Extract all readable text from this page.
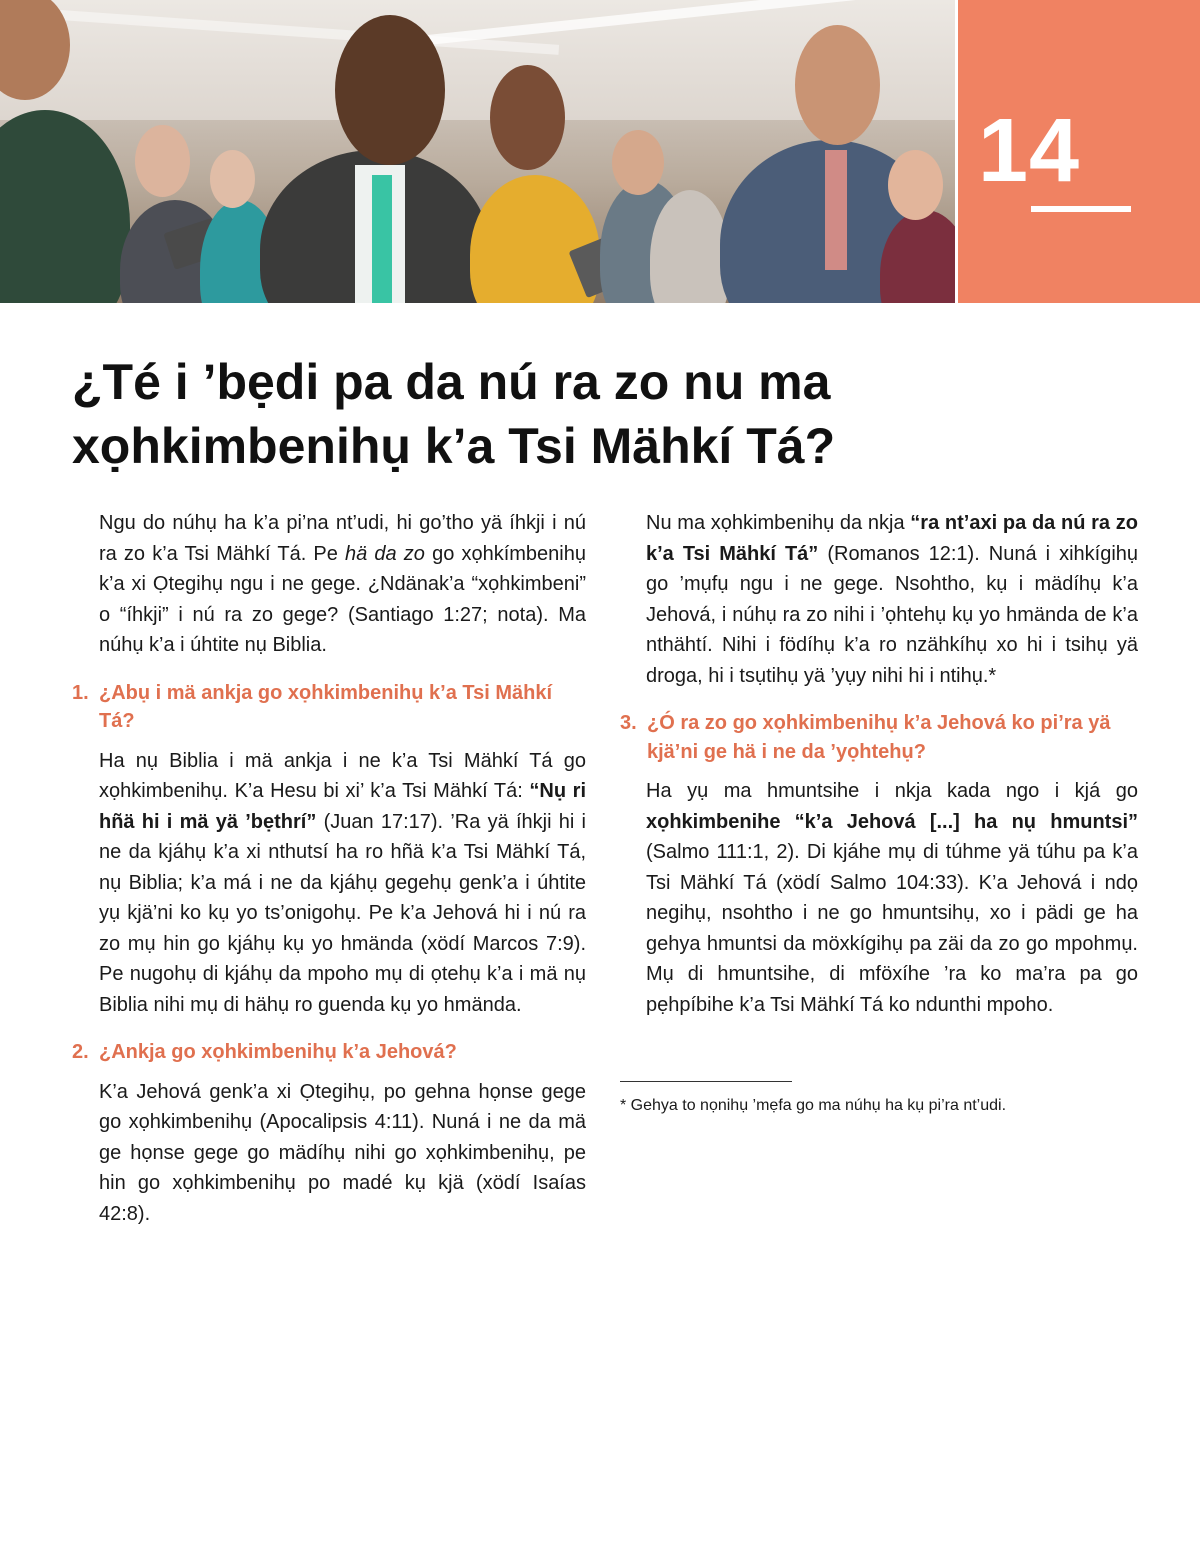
14
¿Té i ’bẹdi pa da nú ra zo nu ma
xọhkimbenihụ k’a Tsi Mähkí Tá?

Ngu do núhụ ha k’a pi’na nt’udi, hi go’tho yä íhkji i nú ra zo k’a Tsi Mähkí Tá. Pe hä da zo go xọhkímbenihụ k’a xi Ọtegihụ ngu i ne gege. ¿Ndänak’a “xọhkimbeni” o “íhkji” i nú ra zo gege? (Santiago 1:27; nota). Ma núhụ k’a i úhtite nụ Biblia.

1. ¿Abụ i mä ankja go xọhkimbenihụ k’a Tsi Mähkí Tá?

Ha nụ Biblia i mä ankja i ne k’a Tsi Mähkí Tá go xọhkimbenihụ. K’a Hesu bi xi’ k’a Tsi Mähkí Tá: “Nụ ri hñä hi i mä yä ’bẹthrí” (Juan 17:17). ’Ra yä íhkji hi i ne da kjáhụ k’a xi nthutsí ha ro hñä k’a Tsi Mähkí Tá, nụ Biblia; k’a má i ne da kjáhụ gegehụ genk’a i úhtite yụ kjä’ni ko kụ yo ts’onigohụ. Pe k’a Jehová hi i nú ra zo mụ hin go kjáhụ kụ yo hmända (xödí Marcos 7:9). Pe nugohụ di kjáhụ da mpoho mụ di ọtehụ k’a i mä nụ Biblia nihi mụ di hähụ ro guenda kụ yo hmända.

2. ¿Ankja go xọhkimbenihụ k’a Jehová?

K’a Jehová genk’a xi Ọtegihụ, po gehna họnse gege go xọhkimbenihụ (Apocalipsis 4:11). Nuná i ne da mä ge họnse gege go mädíhụ nihi go xọhkimbenihụ, pe hin go xọhkimbenihụ po madé kụ kjä (xödí Isaías 42:8).

Nu ma xọhkimbenihụ da nkja “ra nt’axi pa da nú ra zo k’a Tsi Mähkí Tá” (Romanos 12:1). Nuná i xihkígihụ go ’mụfụ ngu i ne gege. Nsohtho, kụ i mädíhụ k’a Jehová, i núhụ ra zo nihi i ’ọhtehụ kụ yo hmända de k’a nthähtí. Nihi i födíhụ k’a ro nzähkíhụ xo hi i tsihụ yä droga, hi i tsụtihụ yä ’yụy nihi hi i ntihụ.*

3. ¿Ó ra zo go xọhkimbenihụ k’a Jehová ko pi’ra yä kjä’ni ge hä i ne da ’yọhtehụ?

Ha yụ ma hmuntsihe i nkja kada ngo i kjá go xọhkimbenihe “k’a Jehová [...] ha nụ hmuntsi” (Salmo 111:1, 2). Di kjáhe mụ di túhme yä túhu pa k’a Tsi Mähkí Tá (xödí Salmo 104:33). K’a Jehová i ndọ negihụ, nsohtho i ne go hmuntsihụ, xo i pädi ge ha gehya hmuntsi da möxkígihụ pa zäi da zo go mpohmụ. Mụ di hmuntsihe, di mföxíhe ’ra ko ma’ra pa go pẹhpíbihe k’a Tsi Mähkí Tá ko ndunthi mpoho.

* Gehya to nọnihụ ’mẹfa go ma núhụ ha kụ pi’ra nt’udi.
